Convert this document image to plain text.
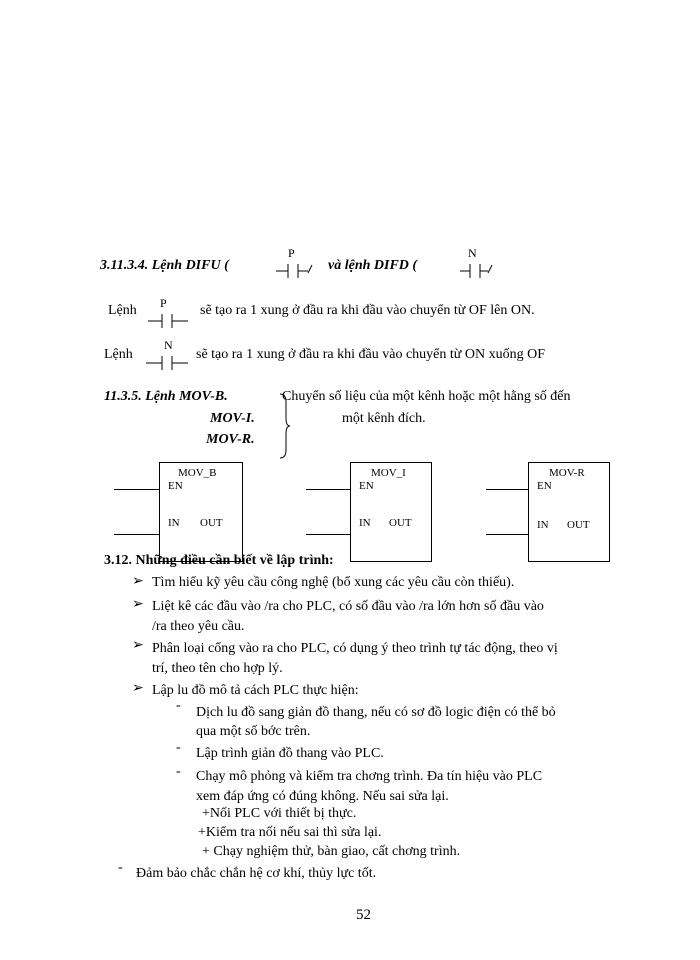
3.11.3.4. Lệnh DIFU (
P
và lệnh DIFD (
N
Lệnh P sẽ tạo ra 1 xung ở đầu ra khi đầu vào chuyển từ OF lên ON.
Lệnh
N
sẽ tạo ra 1 xung ở đầu ra khi đầu vào chuyển từ ON xuống OF
11.3.5. Lệnh MOV-B.
MOV-I.
MOV-R.
Chuyển số liệu của một kênh hoặc một hằng số đến
một kênh đích.
MOV_B
EN
IN OUT
MOV_I
EN
IN OUT
MOV-R
EN
IN OUT
3.12. Những điều cần biết về lập trình:
➢ Tìm hiểu kỹ yêu cầu công nghệ (bổ xung các yêu cầu còn thiếu).
➢ Liệt kê các đầu vào /ra cho PLC, có số đầu vào /ra lớn hơn số đầu vào
/ra theo yêu cầu.
➢ Phân loại cổng vào ra cho PLC, có dụng ý theo trình tự tác động, theo vị
trí, theo tên cho hợp lý.
➢ Lập lu đồ mô tả cách PLC thực hiện:
- Dịch lu đồ sang giản đồ thang, nếu có sơ đồ logic điện có thể bỏ
qua một số bớc trên.
- Lập trình giản đồ thang vào PLC.
- Chạy mô phỏng và kiểm tra chơng trình. Đa tín hiệu vào PLC
xem đáp ứng có đúng không. Nếu sai sửa lại.
+Nối PLC với thiết bị thực.
+Kiểm tra nối nếu sai thì sửa lại.
+ Chạy nghiệm thử, bàn giao, cất chơng trình.
- Đảm bảo chắc chắn hệ cơ khí, thủy lực tốt.
52
